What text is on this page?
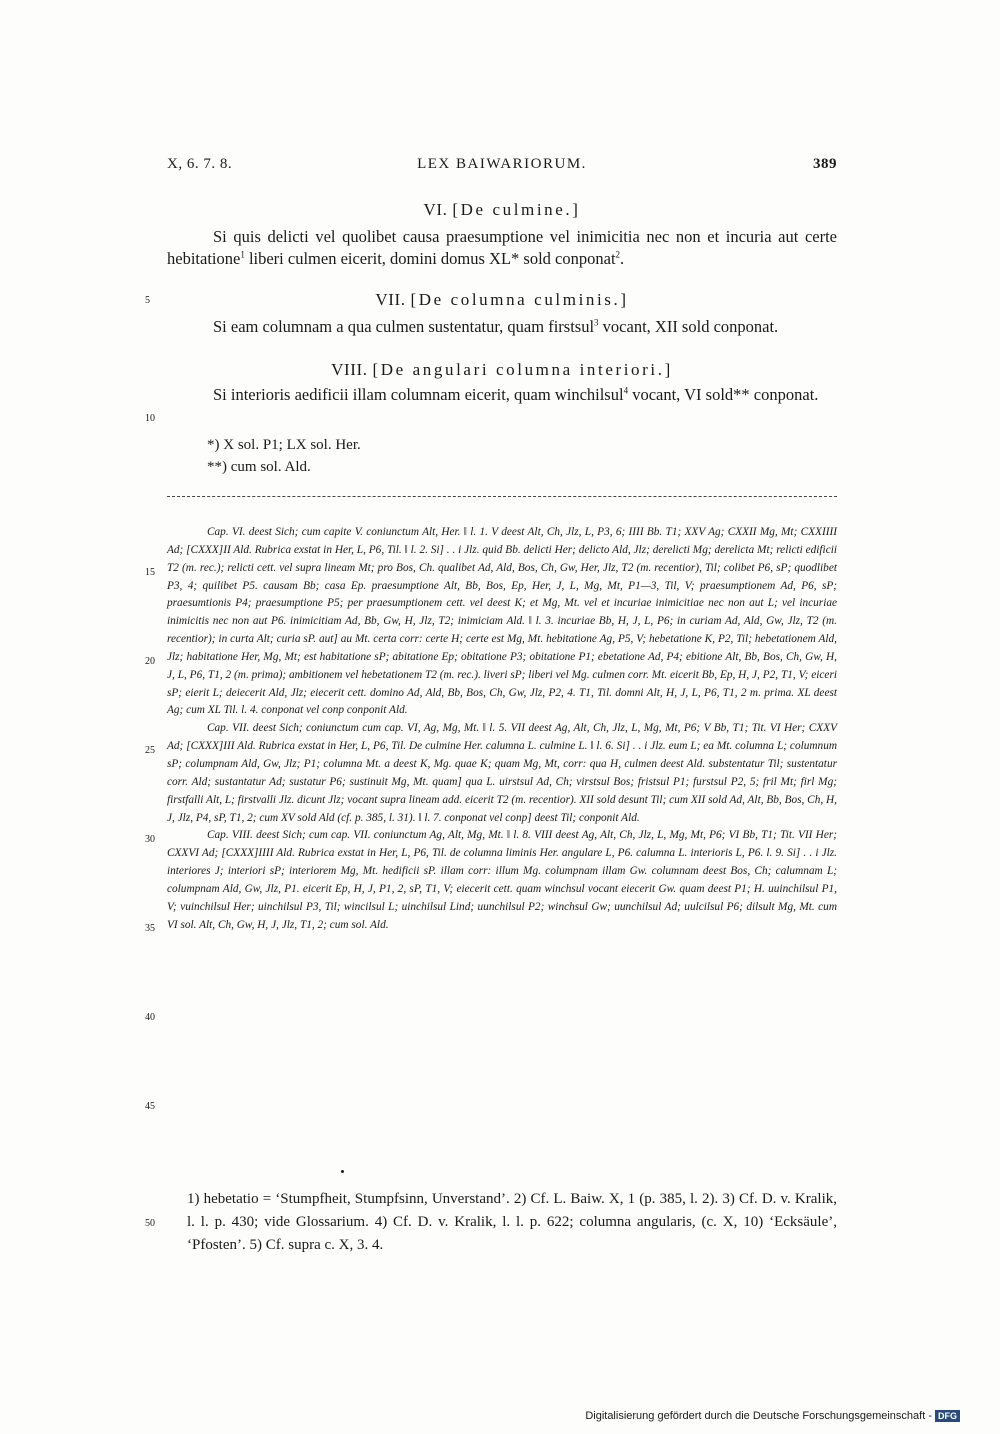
X, 6. 7. 8.	LEX BAIWARIORUM.	389
VI. [De culmine.]
Si quis delicti vel quolibet causa praesumptione vel inimicitia nec non et incuria aut certe hebitatione$^1$ liberi culmen eicerit, domini domus XL* sold conponat$^2$.
VII. [De columna culminis.]
Si eam columnam a qua culmen sustentatur, quam firstsul$^3$ vocant, XII sold conponat.
VIII. [De angulari columna interiori.]
Si interioris aedificii illam columnam eicerit, quam winchilsul$^4$ vocant, VI sold** conponat.
*) X sol. P1; LX sol. Her.
**) cum sol. Ald.
5
10
15
20
25
30
35
40
45
50

Cap. VI. deest Sich; cum capite V. coniunctum Alt, Her. ‖ l. 1. V deest Alt, Ch, Jlz, L, P3, 6; IIII Bb. T1; XXV Ag; CXXII Mg, Mt; CXXIIII Ad; [CXXX]II Ald. Rubrica exstat in Her, L, P6, Til. ‖ l. 2. Si] . . i Jlz. quid Bb. delicti Her; delicto Ald, Jlz; derelicti Mg; derelicta Mt; relicti edificii T2 (m. rec.); relicti cett. vel supra lineam Mt; pro Bos, Ch. qualibet Ad, Ald, Bos, Ch, Gw, Her, Jlz, T2 (m. recentior), Til; colibet P6, sP; quodlibet P3, 4; quilibet P5. causam Bb; casa Ep. praesumptione Alt, Bb, Bos, Ep, Her, J, L, Mg, Mt, P1—3, Til, V; praesumptionem Ad, P6, sP; praesumtionis P4; praesumptione P5; per praesumptionem cett. vel deest K; et Mg, Mt. vel et incuriae inimicitiae nec non aut L; vel incuriae inimicitis nec non aut P6. inimicitiam Ad, Bb, Gw, H, Jlz, T2; inimiciam Ald. ‖ l. 3. incuriae Bb, H, J, L, P6; in curiam Ad, Ald, Gw, Jlz, T2 (m. recentior); in curta Alt; curia sP. aut] au Mt. certa corr: certe H; certe est Mg, Mt. hebitatione Ag, P5, V; hebetatione K, P2, Til; hebetationem Ald, Jlz; habitatione Her, Mg, Mt; est habitatione sP; abitatione Ep; obitatione P3; obitatione P1; ebetatione Ad, P4; ebitione Alt, Bb, Bos, Ch, Gw, H, J, L, P6, T1, 2 (m. prima); ambitionem vel hebetationem T2 (m. rec.). liveri sP; liberi vel Mg. culmen corr. Mt. eicerit Bb, Ep, H, J, P2, T1, V; eiceri sP; eierit L; deiecerit Ald, Jlz; eiecerit cett. domino Ad, Ald, Bb, Bos, Ch, Gw, Jlz, P2, 4. T1, Til. domni Alt, H, J, L, P6, T1, 2 m. prima. XL deest Ag; cum XL Til. l. 4. conponat vel conp conponit Ald.

Cap. VII. deest Sich; coniunctum cum cap. VI, Ag, Mg, Mt. ‖ l. 5. VII deest Ag, Alt, Ch, Jlz, L, Mg, Mt, P6; V Bb, T1; Tit. VI Her; CXXV Ad; [CXXX]III Ald. Rubrica exstat in Her, L, P6, Til. De culmine Her. calumna L. culmine L. ‖ l. 6. Si] . . i Jlz. eum L; ea Mt. columna L; columnum sP; columpnam Ald, Gw, Jlz; P1; columna Mt. a deest K, Mg. quae K; quam Mg, Mt, corr: qua H, culmen deest Ald. substentatur Til; sustentatur corr. Ald; sustantatur Ad; sustatur P6; sustinuit Mg, Mt. quam] qua L. uirstsul Ad, Ch; virstsul Bos; fristsul P1; furstsul P2, 5; fril Mt; firl Mg; firstfalli Alt, L; firstvalli Jlz. dicunt Jlz; vocant supra lineam add. eicerit T2 (m. recentior). XII sold desunt Til; cum XII sold Ad, Alt, Bb, Bos, Ch, H, J, Jlz, P4, sP, T1, 2; cum XV sold Ald (cf. p. 385, l. 31). ‖ l. 7. conponat vel conp] deest Til; conponit Ald.

Cap. VIII. deest Sich; cum cap. VII. coniunctum Ag, Alt, Mg, Mt. ‖ l. 8. VIII deest Ag, Alt, Ch, Jlz, L, Mg, Mt, P6; VI Bb, T1; Tit. VII Her; CXXVI Ad; [CXXX]IIII Ald. Rubrica exstat in Her, L, P6, Til. de columna liminis Her. angulare L, P6. calumna L. interioris L, P6. l. 9. Si] . . i Jlz. interiores J; interiori sP; interiorem Mg, Mt. hedificii sP. illam corr: illum Mg. columpnam illam Gw. columnam deest Bos, Ch; calumnam L; columpnam Ald, Gw, Jlz, P1. eicerit Ep, H, J, P1, 2, sP, T1, V; eiecerit cett. quam winchsul vocant eiecerit Gw. quam deest P1; H. uuinchilsul P1, V; vuinchilsul Her; uinchilsul P3, Til; wincilsul L; uinchilsul Lind; uunchilsul P2; winchsul Gw; uunchilsul Ad; uulcilsul P6; dilsult Mg, Mt. cum VI sol. Alt, Ch, Gw, H, J, Jlz, T1, 2; cum sol. Ald.

1) hebetatio = ‘Stumpfheit, Stumpfsinn, Unverstand’. 2) Cf. L. Baiw. X, 1 (p. 385, l. 2). 3) Cf. D. v. Kralik, l. l. p. 430; vide Glossarium. 4) Cf. D. v. Kralik, l. l. p. 622; columna angularis, (c. X, 10) ‘Ecksäule’, ‘Pfosten’. 5) Cf. supra c. X, 3. 4.

Digitalisierung gefördert durch die Deutsche Forschungsgemeinschaft - DFG
